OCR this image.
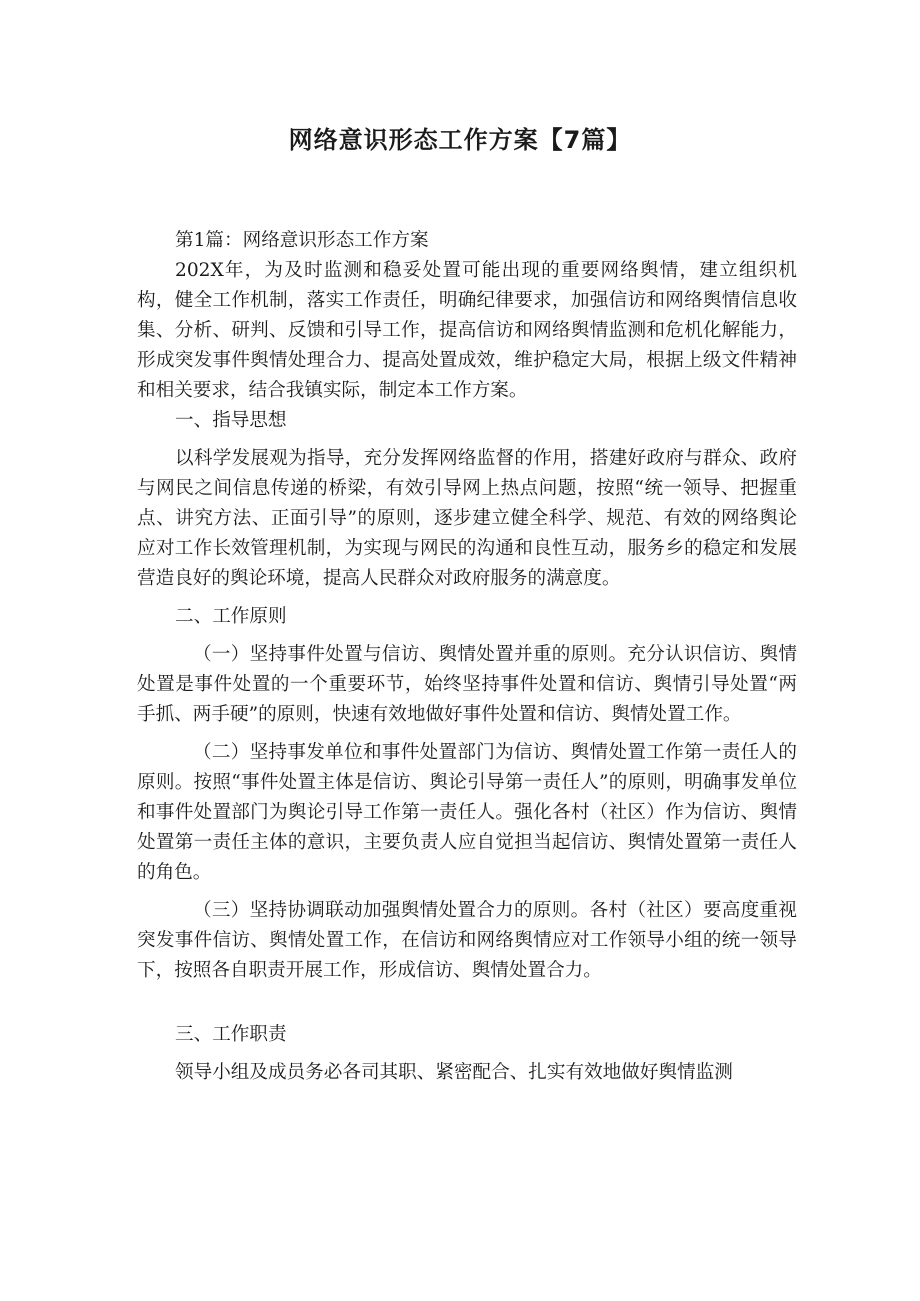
网络意识形态工作方案【7篇】

第1篇：网络意识形态工作方案

202X年，为及时监测和稳妥处置可能出现的重要网络舆情，建立组织机构，健全工作机制，落实工作责任，明确纪律要求，加强信访和网络舆情信息收集、分析、研判、反馈和引导工作，提高信访和网络舆情监测和危机化解能力，形成突发事件舆情处理合力、提高处置成效，维护稳定大局，根据上级文件精神和相关要求，结合我镇实际，制定本工作方案。

一、指导思想

以科学发展观为指导，充分发挥网络监督的作用，搭建好政府与群众、政府与网民之间信息传递的桥梁，有效引导网上热点问题，按照“统一领导、把握重点、讲究方法、正面引导”的原则，逐步建立健全科学、规范、有效的网络舆论应对工作长效管理机制，为实现与网民的沟通和良性互动，服务乡的稳定和发展营造良好的舆论环境，提高人民群众对政府服务的满意度。

二、工作原则

（一）坚持事件处置与信访、舆情处置并重的原则。充分认识信访、舆情处置是事件处置的一个重要环节，始终坚持事件处置和信访、舆情引导处置“两手抓、两手硬”的原则，快速有效地做好事件处置和信访、舆情处置工作。

（二）坚持事发单位和事件处置部门为信访、舆情处置工作第一责任人的原则。按照“事件处置主体是信访、舆论引导第一责任人”的原则，明确事发单位和事件处置部门为舆论引导工作第一责任人。强化各村（社区）作为信访、舆情处置第一责任主体的意识，主要负责人应自觉担当起信访、舆情处置第一责任人的角色。

（三）坚持协调联动加强舆情处置合力的原则。各村（社区）要高度重视突发事件信访、舆情处置工作，在信访和网络舆情应对工作领导小组的统一领导下，按照各自职责开展工作，形成信访、舆情处置合力。

三、工作职责

领导小组及成员务必各司其职、紧密配合、扎实有效地做好舆情监测
